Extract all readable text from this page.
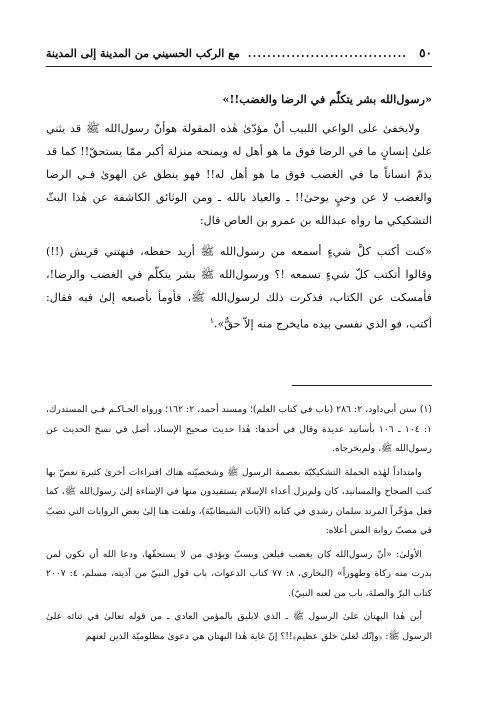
٥٠
.....
مع الركب الحسيني من المدينة إلى المدينة

«رسول‌الله بشر يتكلّم في الرضا والغضب!!»

ولايخفىٰ على الواعي اللبيب أنْ مؤدّىٰ هٰذه المقولة هوأنّ رسول‌الله ﷺ قد يثني علىٰ إنسانٍ ما في الرضا فوق ما هو أهل له ويمنحه منزلة أكبر ممّا يستحقّ!! كما قد يذمّ انساناً ما في الغضب فوق ما هو أهل له!! فهو ينطق عن الهوىٰ فـي الرضا والغضب لا عن وحيٍ يوحىٰ!! ـ والعياذ بالله ـ ومن الوثائق الكاشفة عن هٰذا البثّ التشكيكي ما رواه عبدالله بن عمرو بن العاص قال:

«كنت أكتب كلَّ شيءٍ أسمعه من رسول‌الله ﷺ أريد حفظه، فنهتني قريش (!!) وقالوا أتكتب كلّ شيءٍ تسمعه !؟ ورسول‌الله ﷺ بشر يتكلّم في الغضب والرضا!، فأمسكت عن الكتاب، فذكرت ذلك لرسول‌الله ﷺ، فأومأ بأصبعه إلىٰ فيه فقال: أكتب، فو الذي نفسي بيده مايخرج منه إلاّ حقٌّ».$^١$

(١) سنن أبي‌داود، ٢: ٢٨٦ (باب في كتاب العلم)؛ ومسند أحمد، ٢: ١٦٢؛ ورواه الحـاكـم فـي المستدرك، ١: ١٠٤ ـ ١٠٦ بأسانيد عديدة وقال في أحدها: هٰذا حديث صحيح الإسناد، أصل في نسخ الحديث عن رسول‌الله ﷺ، ولم‌يخرجاه.

وامتداداً لهٰذه الحملة التشكيكيّة بعصمة الرسول ﷺ وشخصيّته هناك افتراءات أخرىٰ كثيرة نعصّ بها كتب الصحاح والمسانيد، كان ولم‌يزل أعداء الإسلام يستفيدون منها في الإساءة إلىٰ رسول‌الله ﷺ، كما فعل مؤخّراً المرتد سلمان رشدي في كتابه (الآيات الشيطانيّة)، ونلفت هنا إلىٰ بعض الروايات التي تصبّ في مصبّ رواية المتن أعلاه:

الأولىٰ: «أنّ رسول‌الله كان يغضب فيلعن ويسبّ ويؤذي من لا يستحقّها، ودعا الله أن تكون لمن بدرت منه زكاة وطهوراً» (البخاري، ٨: ٧٧ كتاب الدعوات، باب قول النبيّ من آذيته، مسلم، ٤: ٢٠٠٧ كتاب البرّ والصلة، باب من لعنه النبيّ).

أين هٰذا البهتان علىٰ الرسول ﷺ ـ الذي لايليق بالمؤمن العادي ـ من قوله تعالىٰ في ثنائه علىٰ الرسول ﷺ: ﴿وإنّك لعلىٰ خلق عظيم﴾!!؟ إنّ غاية هٰذا البهتان هي دعوىٰ مظلوميّة الذين لعنهم
